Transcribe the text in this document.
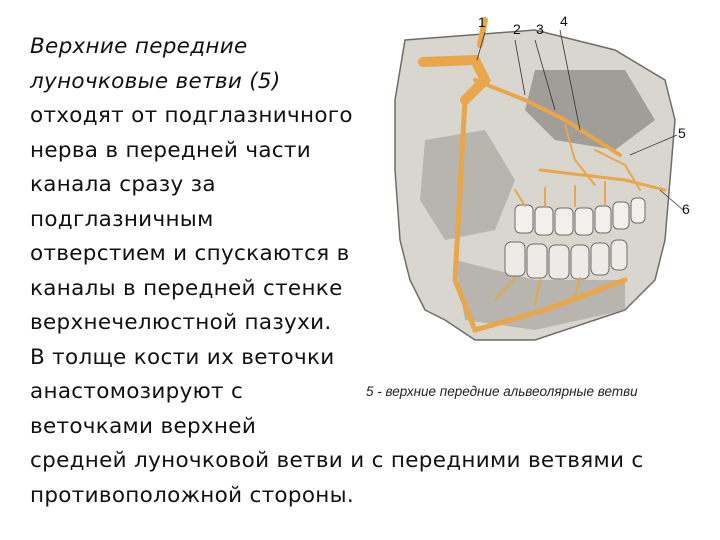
Верхние передние
луночковые ветви (5)
отходят от подглазничного
нерва в передней части
канала сразу за
подглазничным
отверстием и спускаются в
каналы в передней стенке
верхнечелюстной пазухи.
В толще кости их веточки
анастомозируют с
веточками верхней
средней луночковой ветви и с передними ветвями с
противоположной стороны.
1 2 3 4
5
6
5 - верхние передние альвеолярные ветви
